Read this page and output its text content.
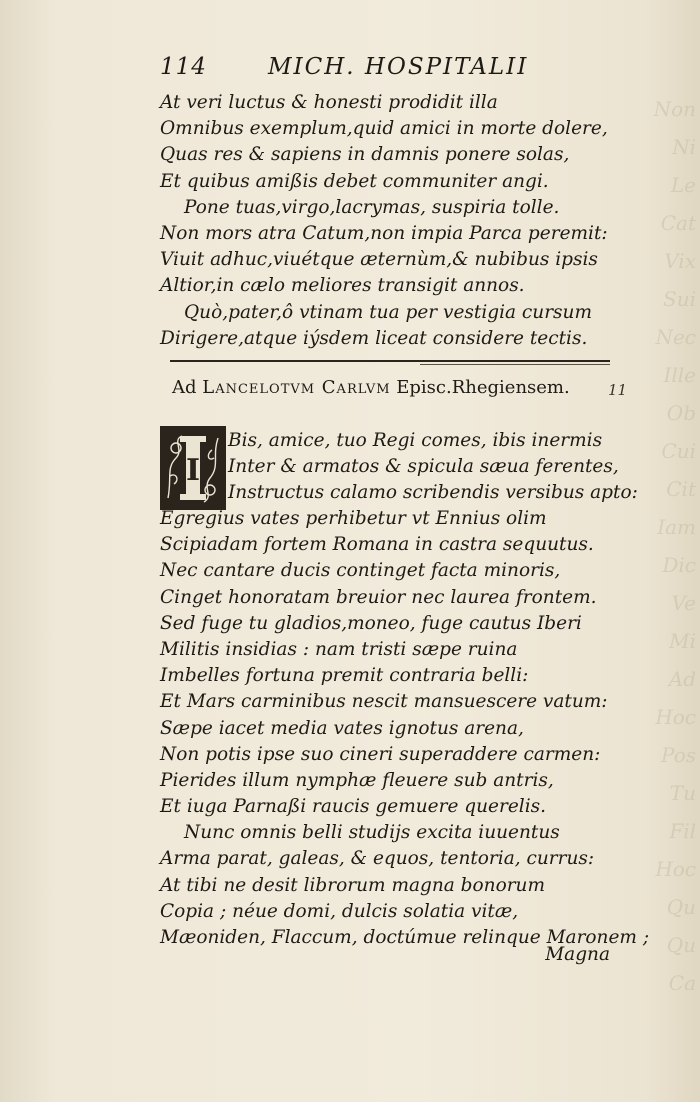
Non
Ni
Le
Cat
Vix
Sui
Nec
Ille
Ob
Cui
Cit
Iam
Dic
Ve
Mi
Ad
Hoc
Pos
Tu
Fil
Hoc
Qu
Qu
Ca
114	MICH. HOSPITALII
At veri luctus & honesti prodidit illa
Omnibus exemplum,quid amici in morte dolere,
Quas res & sapiens in damnis ponere solas,
Et quibus amißis debet communiter angi.
Pone tuas,virgo,lacrymas, suspiria tolle.
Non mors atra Catum,non impia Parca peremit:
Viuit adhuc,viuétque æternùm,& nubibus ipsis
Altior,in cælo meliores transigit annos.
Quò,pater,ô vtinam tua per vestigia cursum
Dirigere,atque iýsdem liceat considere tectis.
Ad Lancelotvm Carlvm Episc.Rhegiensem.	11
I
Bis, amice, tuo Regi comes, ibis inermis
Inter & armatos & spicula sæua ferentes,
Instructus calamo scribendis versibus apto:
Egregius vates perhibetur vt Ennius olim
Scipiadam fortem Romana in castra sequutus.
Nec cantare ducis continget facta minoris,
Cinget honoratam breuior nec laurea frontem.
Sed fuge tu gladios,moneo, fuge cautus Iberi
Militis insidias : nam tristi sæpe ruina
Imbelles fortuna premit contraria belli:
Et Mars carminibus nescit mansuescere vatum:
Sæpe iacet media vates ignotus arena,
Non potis ipse suo cineri superaddere carmen:
Pierides illum nymphæ fleuere sub antris,
Et iuga Parnaßi raucis gemuere querelis.
Nunc omnis belli studijs excita iuuentus
Arma parat, galeas, & equos, tentoria, currus:
At tibi ne desit librorum magna bonorum
Copia ; néue domi, dulcis solatia vitæ,
Mæoniden, Flaccum, doctúmue relinque Maronem ;
Magna
